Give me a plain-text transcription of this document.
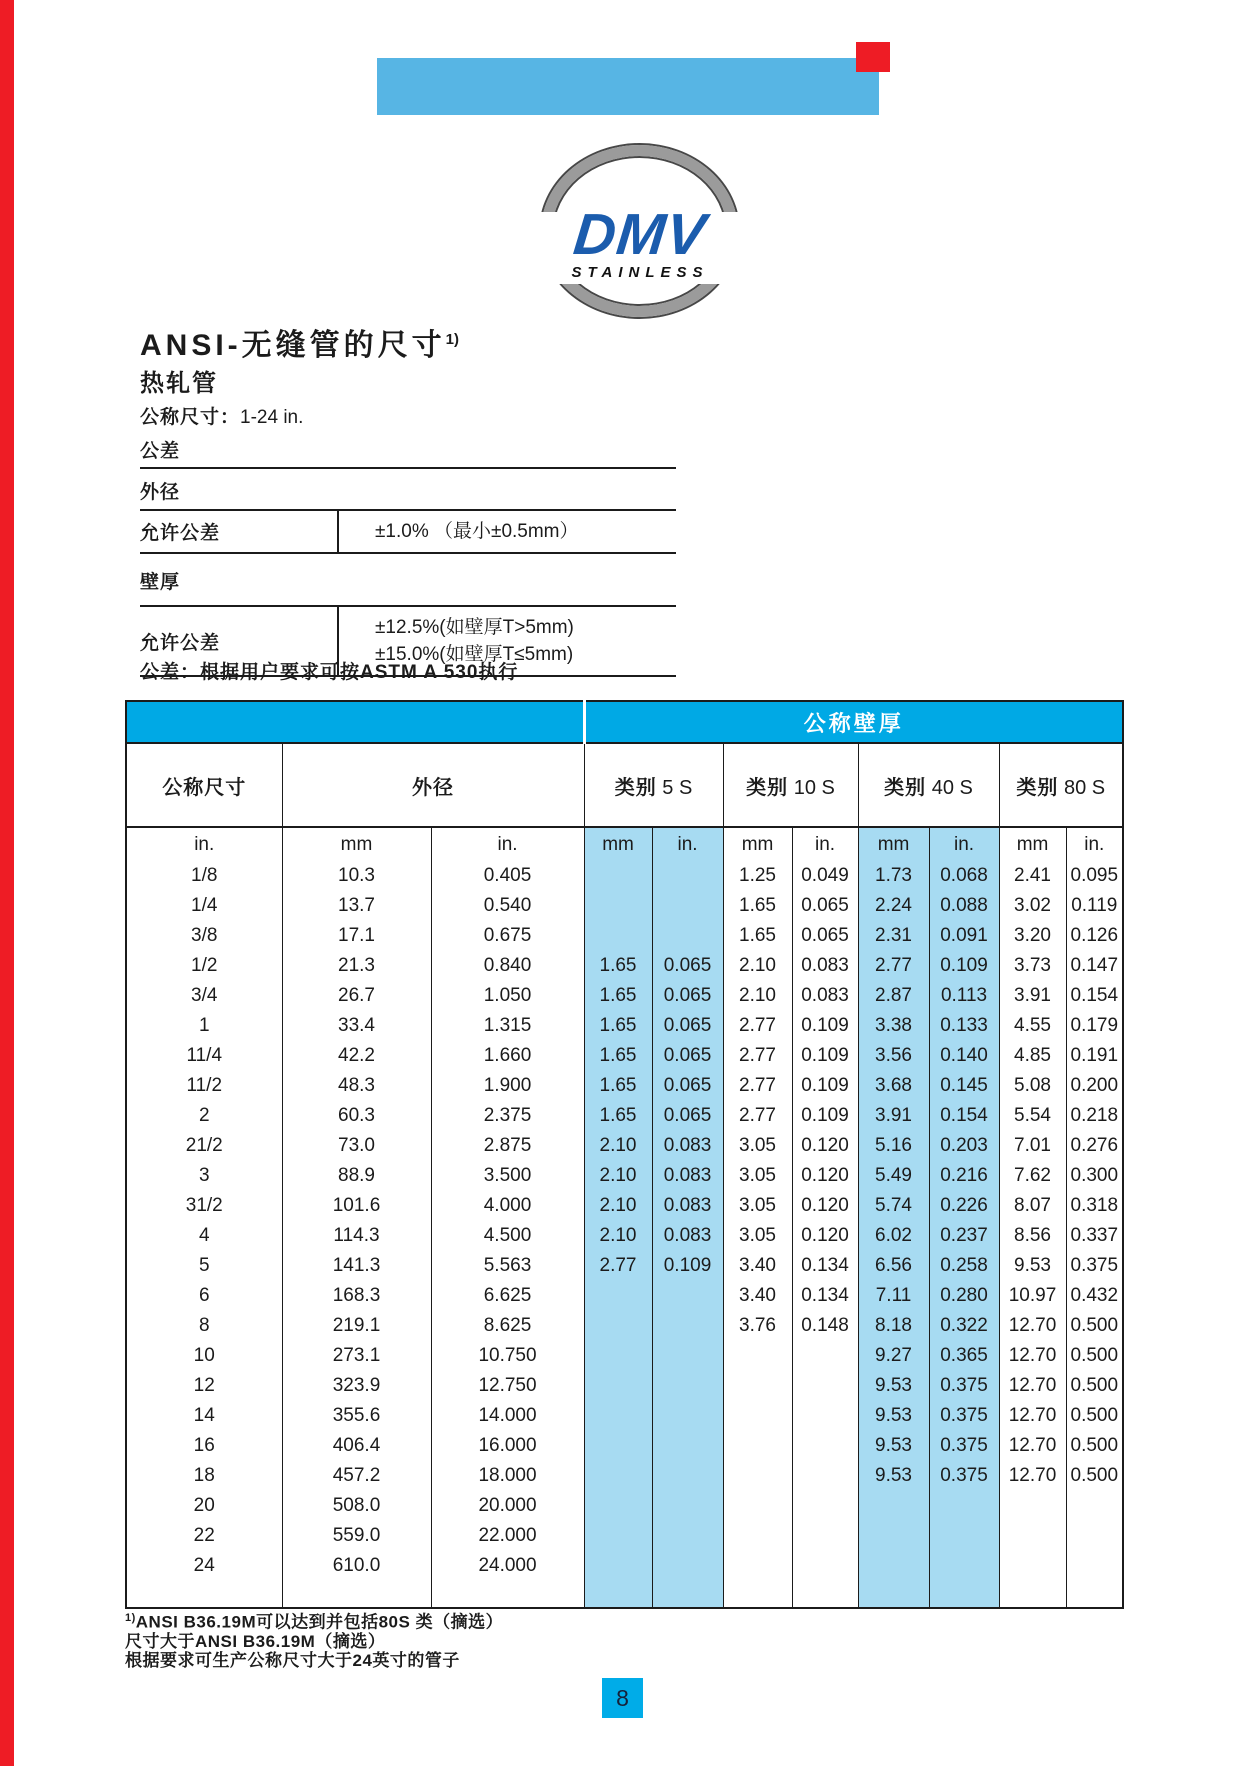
DMV
STAINLESS
ANSI-无缝管的尺寸$^{1)}$
热轧管
公称尺寸：1-24 in.
公差
外径
允许公差	±1.0% （最小±0.5mm）
壁厚
允许公差
±12.5%(如壁厚T>5mm)
±15.0%(如壁厚T≤5mm)
公差：根据用户要求可按ASTM A 530执行
			公称壁厚							
公称尺寸	外径		类别 5 S		类别 10 S		类别 40 S		类别 80 S	
in.	mm	in.	mm	in.	mm	in.	mm	in.	mm	in.
1/8	10.3	0.405			1.25	0.049	1.73	0.068	2.41	0.095
1/4	13.7	0.540			1.65	0.065	2.24	0.088	3.02	0.119
3/8	17.1	0.675			1.65	0.065	2.31	0.091	3.20	0.126
1/2	21.3	0.840	1.65	0.065	2.10	0.083	2.77	0.109	3.73	0.147
3/4	26.7	1.050	1.65	0.065	2.10	0.083	2.87	0.113	3.91	0.154
1	33.4	1.315	1.65	0.065	2.77	0.109	3.38	0.133	4.55	0.179
11/4	42.2	1.660	1.65	0.065	2.77	0.109	3.56	0.140	4.85	0.191
11/2	48.3	1.900	1.65	0.065	2.77	0.109	3.68	0.145	5.08	0.200
2	60.3	2.375	1.65	0.065	2.77	0.109	3.91	0.154	5.54	0.218
21/2	73.0	2.875	2.10	0.083	3.05	0.120	5.16	0.203	7.01	0.276
3	88.9	3.500	2.10	0.083	3.05	0.120	5.49	0.216	7.62	0.300
31/2	101.6	4.000	2.10	0.083	3.05	0.120	5.74	0.226	8.07	0.318
4	114.3	4.500	2.10	0.083	3.05	0.120	6.02	0.237	8.56	0.337
5	141.3	5.563	2.77	0.109	3.40	0.134	6.56	0.258	9.53	0.375
6	168.3	6.625			3.40	0.134	7.11	0.280	10.97	0.432
8	219.1	8.625			3.76	0.148	8.18	0.322	12.70	0.500
10	273.1	10.750					9.27	0.365	12.70	0.500
12	323.9	12.750					9.53	0.375	12.70	0.500
14	355.6	14.000					9.53	0.375	12.70	0.500
16	406.4	16.000					9.53	0.375	12.70	0.500
18	457.2	18.000					9.53	0.375	12.70	0.500
20	508.0	20.000								
22	559.0	22.000								
24	610.0	24.000								

$^{1)}$ANSI B36.19M可以达到并包括80S 类（摘选）
尺寸大于ANSI B36.19M（摘选）
根据要求可生产公称尺寸大于24英寸的管子
8
